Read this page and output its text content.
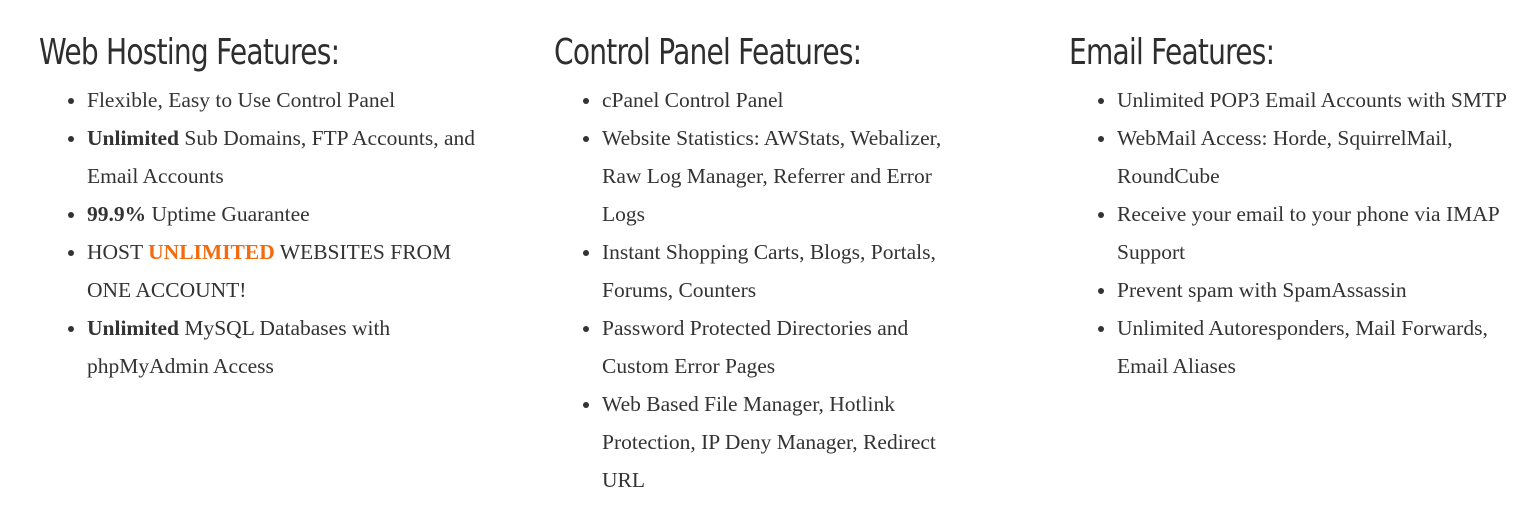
Web Hosting Features:
• Flexible, Easy to Use Control Panel
• Unlimited Sub Domains, FTP Accounts, and Email Accounts
• 99.9% Uptime Guarantee
• HOST UNLIMITED WEBSITES FROM ONE ACCOUNT!
• Unlimited MySQL Databases with phpMyAdmin Access
Control Panel Features:
• cPanel Control Panel
• Website Statistics: AWStats, Webalizer, Raw Log Manager, Referrer and Error Logs
• Instant Shopping Carts, Blogs, Portals, Forums, Counters
• Password Protected Directories and Custom Error Pages
• Web Based File Manager, Hotlink Protection, IP Deny Manager, Redirect URL
Email Features:
• Unlimited POP3 Email Accounts with SMTP
• WebMail Access: Horde, SquirrelMail, RoundCube
• Receive your email to your phone via IMAP Support
• Prevent spam with SpamAssassin
• Unlimited Autoresponders, Mail Forwards, Email Aliases
